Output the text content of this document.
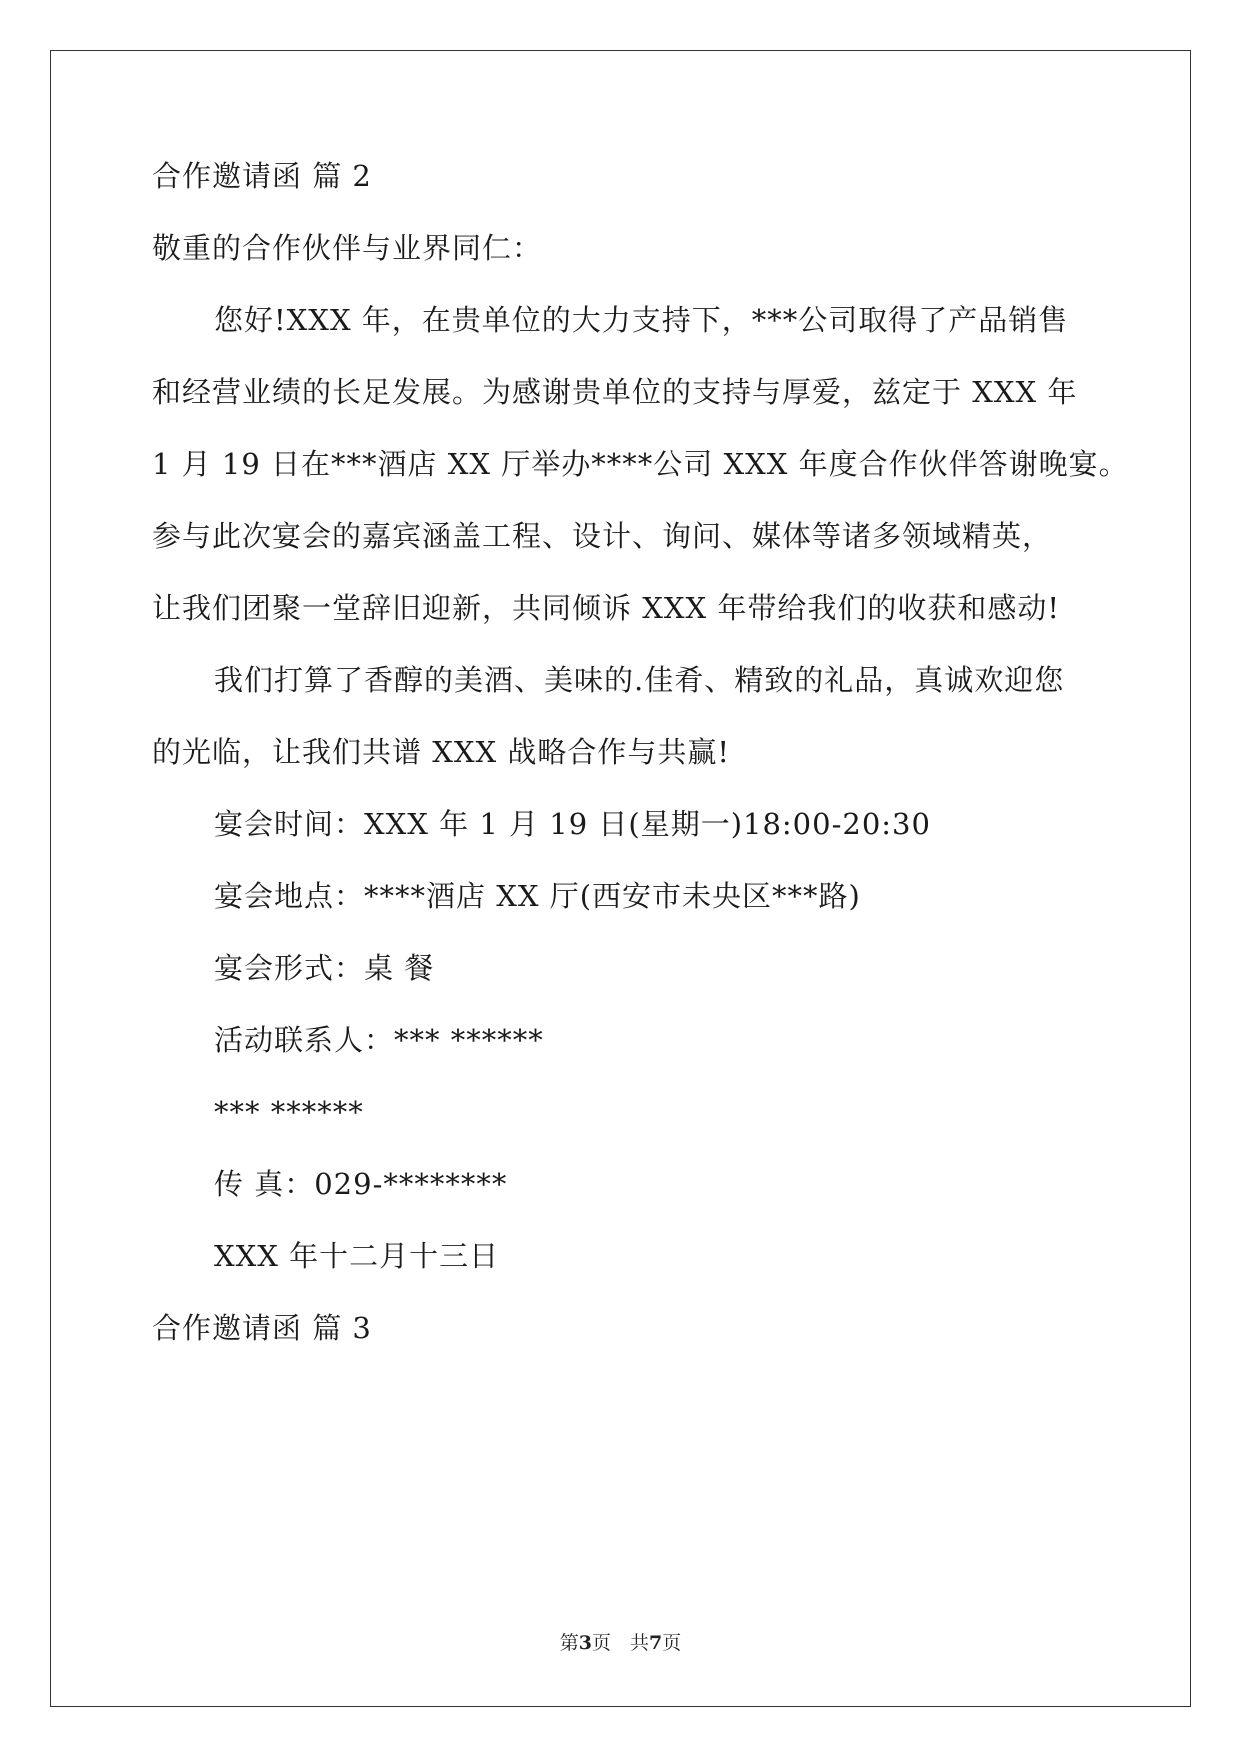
合作邀请函 篇 2
敬重的合作伙伴与业界同仁：
您好!XXX 年，在贵单位的大力支持下，***公司取得了产品销售
和经营业绩的长足发展。为感谢贵单位的支持与厚爱，兹定于 XXX 年
1 月 19 日在***酒店 XX 厅举办****公司 XXX 年度合作伙伴答谢晚宴。
参与此次宴会的嘉宾涵盖工程、设计、询问、媒体等诸多领域精英，
让我们团聚一堂辞旧迎新，共同倾诉 XXX 年带给我们的收获和感动!
我们打算了香醇的美酒、美味的.佳肴、精致的礼品，真诚欢迎您
的光临，让我们共谱 XXX 战略合作与共赢!
宴会时间：XXX 年 1 月 19 日(星期一)18:00-20:30
宴会地点：****酒店 XX 厅(西安市未央区***路)
宴会形式：桌 餐
活动联系人：*** ******
*** ******
传 真：029-********
XXX 年十二月十三日
合作邀请函 篇 3
第3页　共7页
